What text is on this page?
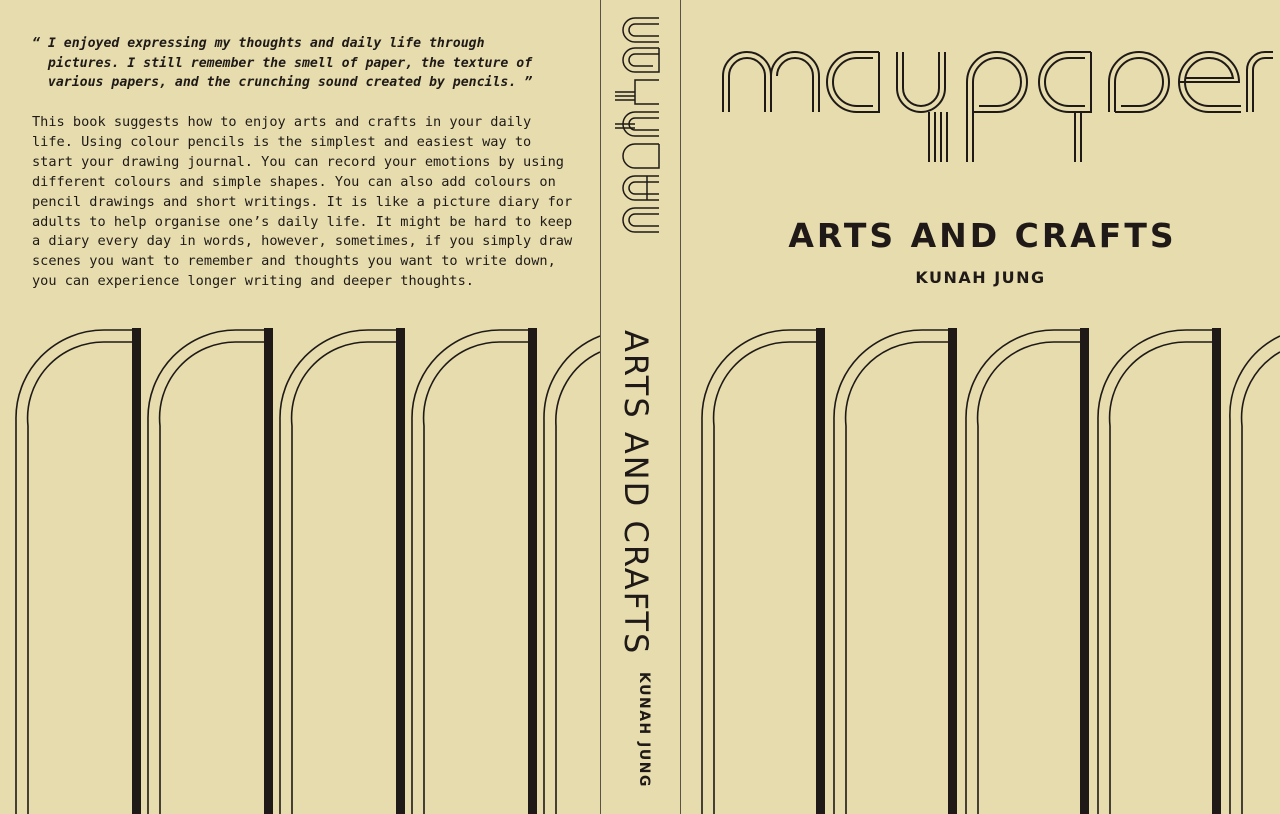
“ I enjoyed expressing my thoughts and daily life through
pictures. I still remember the smell of paper, the texture of
various papers, and the crunching sound created by pencils. ”
This book suggests how to enjoy arts and crafts in your daily
life. Using colour pencils is the simplest and easiest way to
start your drawing journal. You can record your emotions by using
different colours and simple shapes. You can also add colours on
pencil drawings and short writings. It is like a picture diary for
adults to help organise one’s daily life. It might be hard to keep
a diary every day in words, however, sometimes, if you simply draw
scenes you want to remember and thoughts you want to write down,
you can experience longer writing and deeper thoughts.
ARTS AND CRAFTS
KUNAH JUNG
ARTS AND CRAFTS
KUNAH JUNG
